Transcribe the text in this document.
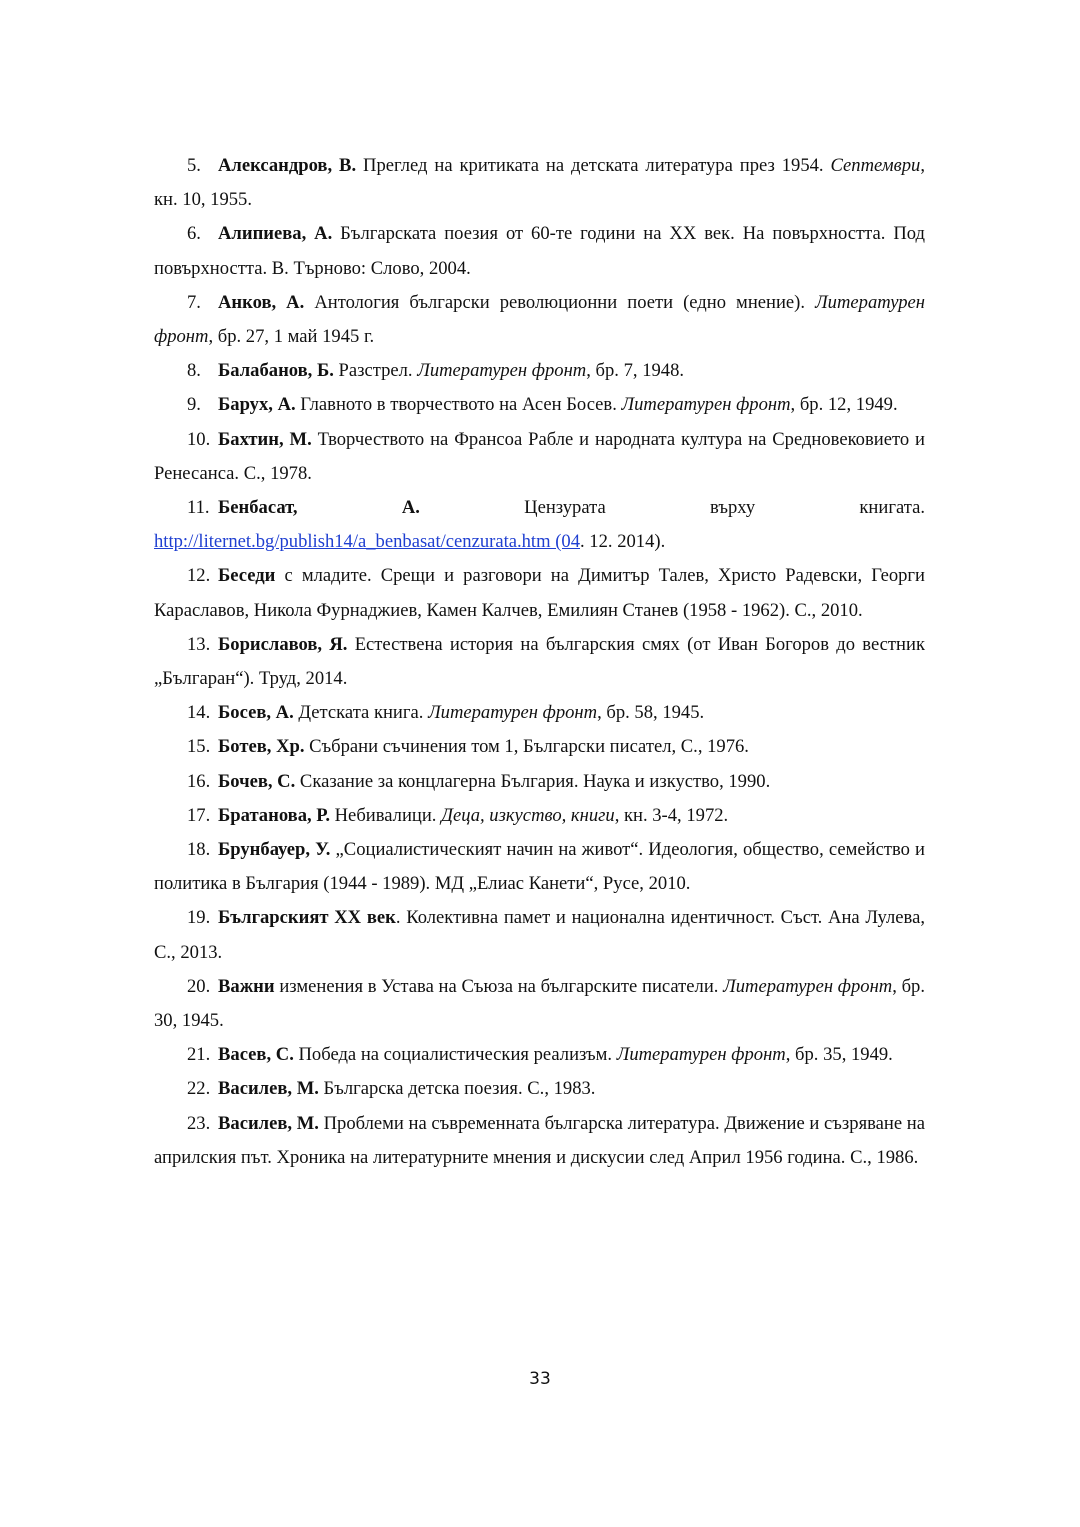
5. Александров, В. Преглед на критиката на детската литература през 1954. Септември, кн. 10, 1955.

6. Алипиева, А. Българската поезия от 60-те години на XX век. На повърхността. Под повърхността. В. Търново: Слово, 2004.

7. Анков, А. Антология български революционни поети (едно мнение). Литературен фронт, бр. 27, 1 май 1945 г.

8. Балабанов, Б. Разстрел. Литературен фронт, бр. 7, 1948.

9. Барух, А. Главното в творчеството на Асен Босев. Литературен фронт, бр. 12, 1949.

10. Бахтин, М. Творчеството на Франсоа Рабле и народната култура на Средновековието и Ренесанса. С., 1978.

11. Бенбасат, А. Цензурата върху книгата.

http://liternet.bg/publish14/a_benbasat/cenzurata.htm (04. 12. 2014).

12. Беседи с младите. Срещи и разговори на Димитър Талев, Христо Радевски, Георги Караславов, Никола Фурнаджиев, Камен Калчев, Емилиян Станев (1958 - 1962). С., 2010.

13. Бориславов, Я. Естествена история на българския смях (от Иван Богоров до вестник „Българан“). Труд, 2014.

14. Босев, А. Детската книга. Литературен фронт, бр. 58, 1945.

15. Ботев, Хр. Събрани съчинения том 1, Български писател, С., 1976.

16. Бочев, С. Сказание за концлагерна България. Наука и изкуство, 1990.

17. Братанова, Р. Небивалици. Деца, изкуство, книги, кн. 3-4, 1972.

18. Брунбауер, У. „Социалистическият начин на живот“. Идеология, общество, семейство и политика в България (1944 - 1989). МД „Елиас Канети“, Русе, 2010.

19. Българският XX век. Колективна памет и национална идентичност. Съст. Ана Лулева, С., 2013.

20. Важни изменения в Устава на Съюза на българските писатели. Литературен фронт, бр. 30, 1945.

21. Васев, С. Победа на социалистическия реализъм. Литературен фронт, бр. 35, 1949.

22. Василев, М. Българска детска поезия. С., 1983.

23. Василев, М. Проблеми на съвременната българска литература. Движение и съзряване на априлския път. Хроника на литературните мнения и дискусии след Април 1956 година. С., 1986.

33
